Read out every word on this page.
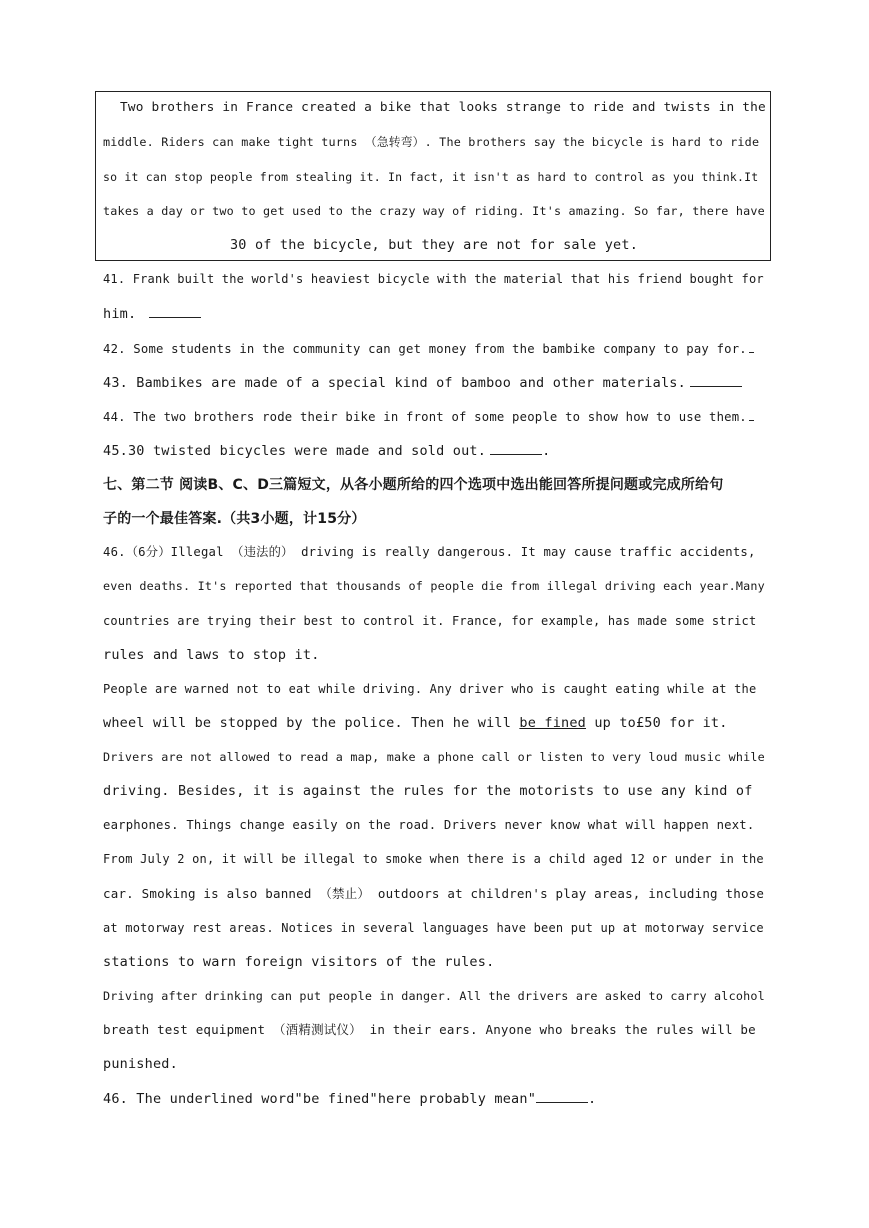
Two brothers in France created a bike that looks strange to ride and twists in the
middle. Riders can make tight turns （急转弯）. The brothers say the bicycle is hard to ride
so it can stop people from stealing it. In fact, it isn't as hard to control as you think.It
takes a day or two to get used to the crazy way of riding. It's amazing. So far, there have
30 of the bicycle, but they are not for sale yet.
41. Frank built the world's heaviest bicycle with the material that his friend bought for
him.
42. Some students in the community can get money from the bambike company to pay for.
43. Bambikes are made of a special kind of bamboo and other materials.
44. The two brothers rode their bike in front of some people to show how to use them.
45.30 twisted bicycles were made and sold out.	.
七、第二节 阅读B、C、D三篇短文，从各小题所给的四个选项中选出能回答所提问题或完成所给句
子的一个最佳答案.（共3小题，计15分）
46.（6分）Illegal （违法的） driving is really dangerous. It may cause traffic accidents,
even deaths. It's reported that thousands of people die from illegal driving each year.Many
countries are trying their best to control it. France, for example, has made some strict
rules and laws to stop it.
People are warned not to eat while driving. Any driver who is caught eating while at the
wheel will be stopped by the police. Then he will be fined up to£50 for it.
Drivers are not allowed to read a map, make a phone call or listen to very loud music while
driving. Besides, it is against the rules for the motorists to use any kind of
earphones. Things change easily on the road. Drivers never know what will happen next.
From July 2 on, it will be illegal to smoke when there is a child aged 12 or under in the
car. Smoking is also banned （禁止） outdoors at children's play areas, including those
at motorway rest areas. Notices in several languages have been put up at motorway service
stations to warn foreign visitors of the rules.
Driving after drinking can put people in danger. All the drivers are asked to carry alcohol
breath test equipment （酒精测试仪） in their ears. Anyone who breaks the rules will be
punished.
46. The underlined word"be fined"here probably mean"	.
